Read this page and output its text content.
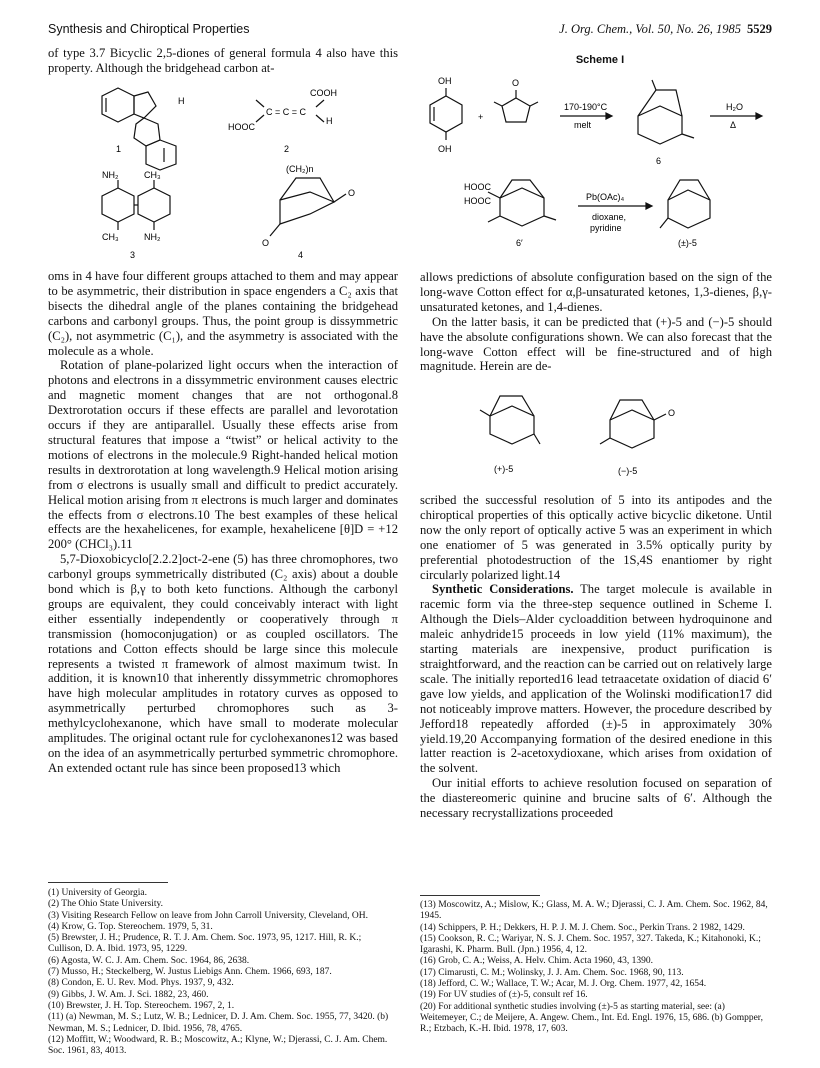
Synthesis and Chiroptical Properties	J. Org. Chem., Vol. 50, No. 26, 1985 5529

of type 3.7 Bicyclic 2,5-diones of general formula 4 also have this property. Although the bridgehead carbon at-

H
C = C = C
COOH
HOOC
H
1	2
NH₂	CH₃
CH₃	NH₂
(CH₂)n
O
O
3	4

oms in 4 have four different groups attached to them and may appear to be asymmetric, their distribution in space engenders a C₂ axis that bisects the dihedral angle of the planes containing the bridgehead carbons and carbonyl groups. Thus, the point group is dissymmetric (C₂), not asymmetric (C₁), and the asymmetry is associated with the molecule as a whole.

Rotation of plane-polarized light occurs when the interaction of photons and electrons in a dissymmetric environment causes electric and magnetic moment changes that are not orthogonal.8 Dextrorotation occurs if these effects are parallel and levorotation occurs if they are antiparallel. Usually these effects arise from structural features that impose a “twist” or helical activity to the motions of electrons in the molecule.9 Right-handed helical motion results in dextrorotation at long wavelength.9 Helical motion arising from σ electrons is usually small and difficult to predict accurately. Helical motion arising from π electrons is much larger and dominates the effects from σ electrons.10 The best examples of these helical effects are the hexahelicenes, for example, hexahelicene [θ]D = +12 200° (CHCl₃).11

5,7-Dioxobicyclo[2.2.2]oct-2-ene (5) has three chromophores, two carbonyl groups symmetrically distributed (C₂ axis) about a double bond which is β,γ to both keto functions. Although the carbonyl groups are equivalent, they could conceivably interact with light either essentially independently or cooperatively through π transmission (homoconjugation) or as coupled oscillators. The rotations and Cotton effects should be large since this molecule represents a twisted π framework of almost maximum twist. In addition, it is known10 that inherently dissymmetric chromophores have high molecular amplitudes in rotatory curves as opposed to asymmetrically perturbed chromophores such as 3-methylcyclohexanone, which have small to moderate molecular amplitudes. The original octant rule for cyclohexanones12 was based on the idea of an asymmetrically perturbed symmetric chromophore. An extended octant rule has since been proposed13 which

(1) University of Georgia.
(2) The Ohio State University.
(3) Visiting Research Fellow on leave from John Carroll University, Cleveland, OH.
(4) Krow, G. Top. Stereochem. 1979, 5, 31.
(5) Brewster, J. H.; Prudence, R. T. J. Am. Chem. Soc. 1973, 95, 1217. Hill, R. K.; Cullison, D. A. Ibid. 1973, 95, 1229.
(6) Agosta, W. C. J. Am. Chem. Soc. 1964, 86, 2638.
(7) Musso, H.; Steckelberg, W. Justus Liebigs Ann. Chem. 1966, 693, 187.
(8) Condon, E. U. Rev. Mod. Phys. 1937, 9, 432.
(9) Gibbs, J. W. Am. J. Sci. 1882, 23, 460.
(10) Brewster, J. H. Top. Stereochem. 1967, 2, 1.
(11) (a) Newman, M. S.; Lutz, W. B.; Lednicer, D. J. Am. Chem. Soc. 1955, 77, 3420. (b) Newman, M. S.; Lednicer, D. Ibid. 1956, 78, 4765.
(12) Moffitt, W.; Woodward, R. B.; Moscowitz, A.; Klyne, W.; Djerassi, C. J. Am. Chem. Soc. 1961, 83, 4013.
Scheme I
OH
OH
+
O
170-190°C
melt
H₂O
Δ
6
HOOC
HOOC	Pb(OAc)₄
dioxane,
pyridine
6′	(±)-5

allows predictions of absolute configuration based on the sign of the long-wave Cotton effect for α,β-unsaturated ketones, 1,3-dienes, β,γ-unsaturated ketones, and 1,4-dienes.

On the latter basis, it can be predicted that (+)-5 and (−)-5 should have the absolute configurations shown. We can also forecast that the long-wave Cotton effect will be fine-structured and of high magnitude. Herein are de-

O
(+)-5	(−)-5

scribed the successful resolution of 5 into its antipodes and the chiroptical properties of this optically active bicyclic diketone. Until now the only report of optically active 5 was an experiment in which one enatiomer of 5 was generated in 3.5% optically purity by preferential photodestruction of the 1S,4S enantiomer by right circularly polarized light.14

Synthetic Considerations. The target molecule is available in racemic form via the three-step sequence outlined in Scheme I. Although the Diels–Alder cycloaddition between hydroquinone and maleic anhydride15 proceeds in low yield (11% maximum), the starting materials are inexpensive, product purification is straightforward, and the reaction can be carried out on relatively large scale. The initially reported16 lead tetraacetate oxidation of diacid 6′ gave low yields, and application of the Wolinski modification17 did not noticeably improve matters. However, the procedure described by Jefford18 repeatedly afforded (±)-5 in approximately 30% yield.19,20 Accompanying formation of the desired enedione in this latter reaction is 2-acetoxydioxane, which arises from oxidation of the solvent.

Our initial efforts to achieve resolution focused on separation of the diastereomeric quinine and brucine salts of 6′. Although the necessary recrystallizations proceeded

(13) Moscowitz, A.; Mislow, K.; Glass, M. A. W.; Djerassi, C. J. Am. Chem. Soc. 1962, 84, 1945.
(14) Schippers, P. H.; Dekkers, H. P. J. M. J. Chem. Soc., Perkin Trans. 2 1982, 1429.
(15) Cookson, R. C.; Wariyar, N. S. J. Chem. Soc. 1957, 327. Takeda, K.; Kitahonoki, K.; Igarashi, K. Pharm. Bull. (Jpn.) 1956, 4, 12.
(16) Grob, C. A.; Weiss, A. Helv. Chim. Acta 1960, 43, 1390.
(17) Cimarusti, C. M.; Wolinsky, J. J. Am. Chem. Soc. 1968, 90, 113.
(18) Jefford, C. W.; Wallace, T. W.; Acar, M. J. Org. Chem. 1977, 42, 1654.
(19) For UV studies of (±)-5, consult ref 16.
(20) For additional synthetic studies involving (±)-5 as starting material, see: (a) Weitemeyer, C.; de Meijere, A. Angew. Chem., Int. Ed. Engl. 1976, 15, 686. (b) Gompper, R.; Etzbach, K.-H. Ibid. 1978, 17, 603.
